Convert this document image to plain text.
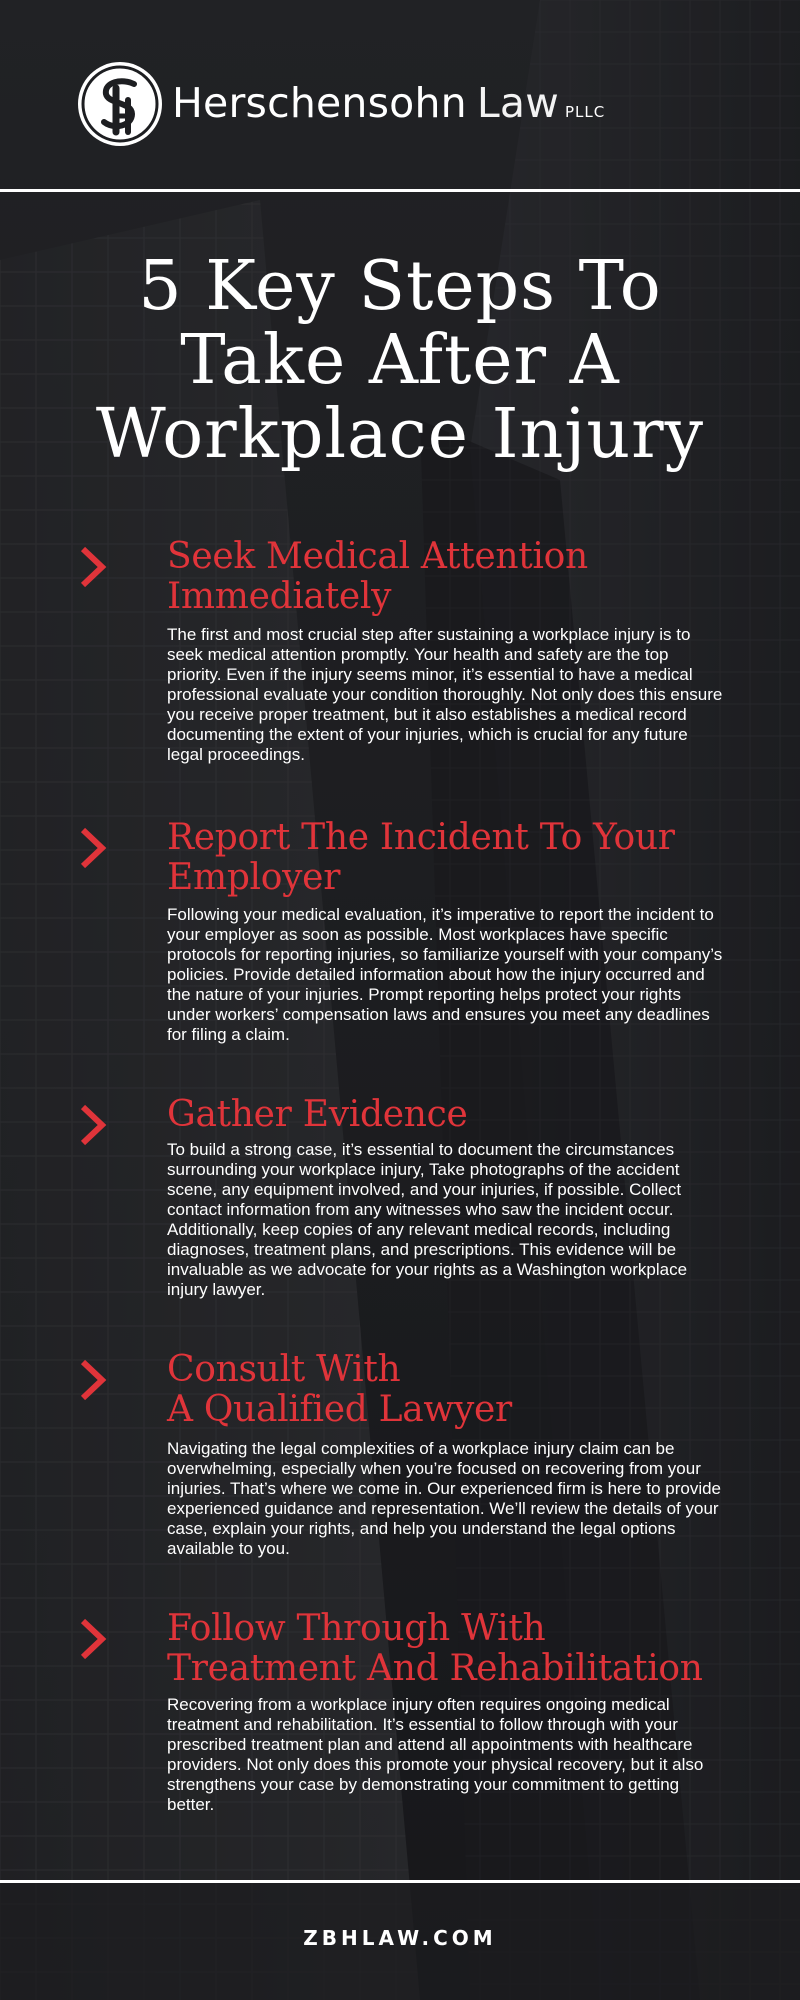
Herschensohn Law PLLC
5 Key Steps To
Take After A
Workplace Injury
Seek Medical Attention
Immediately

The first and most crucial step after sustaining a workplace injury is to seek medical attention promptly. Your health and safety are the top priority. Even if the injury seems minor, it’s essential to have a medical professional evaluate your condition thoroughly. Not only does this ensure you receive proper treatment, but it also establishes a medical record documenting the extent of your injuries, which is crucial for any future legal proceedings.

Report The Incident To Your
Employer

Following your medical evaluation, it’s imperative to report the incident to your employer as soon as possible. Most workplaces have specific protocols for reporting injuries, so familiarize yourself with your company’s policies. Provide detailed information about how the injury occurred and the nature of your injuries. Prompt reporting helps protect your rights under workers’ compensation laws and ensures you meet any deadlines for filing a claim.

Gather Evidence

To build a strong case, it’s essential to document the circumstances surrounding your workplace injury, Take photographs of the accident scene, any equipment involved, and your injuries, if possible. Collect contact information from any witnesses who saw the incident occur. Additionally, keep copies of any relevant medical records, including diagnoses, treatment plans, and prescriptions. This evidence will be invaluable as we advocate for your rights as a Washington workplace injury lawyer.

Consult With
A Qualified Lawyer

Navigating the legal complexities of a workplace injury claim can be overwhelming, especially when you’re focused on recovering from your injuries. That’s where we come in. Our experienced firm is here to provide experienced guidance and representation. We’ll review the details of your case, explain your rights, and help you understand the legal options available to you.

Follow Through With
Treatment And Rehabilitation

Recovering from a workplace injury often requires ongoing medical treatment and rehabilitation. It’s essential to follow through with your prescribed treatment plan and attend all appointments with healthcare providers. Not only does this promote your physical recovery, but it also strengthens your case by demonstrating your commitment to getting better.

ZBHLAW.COM
